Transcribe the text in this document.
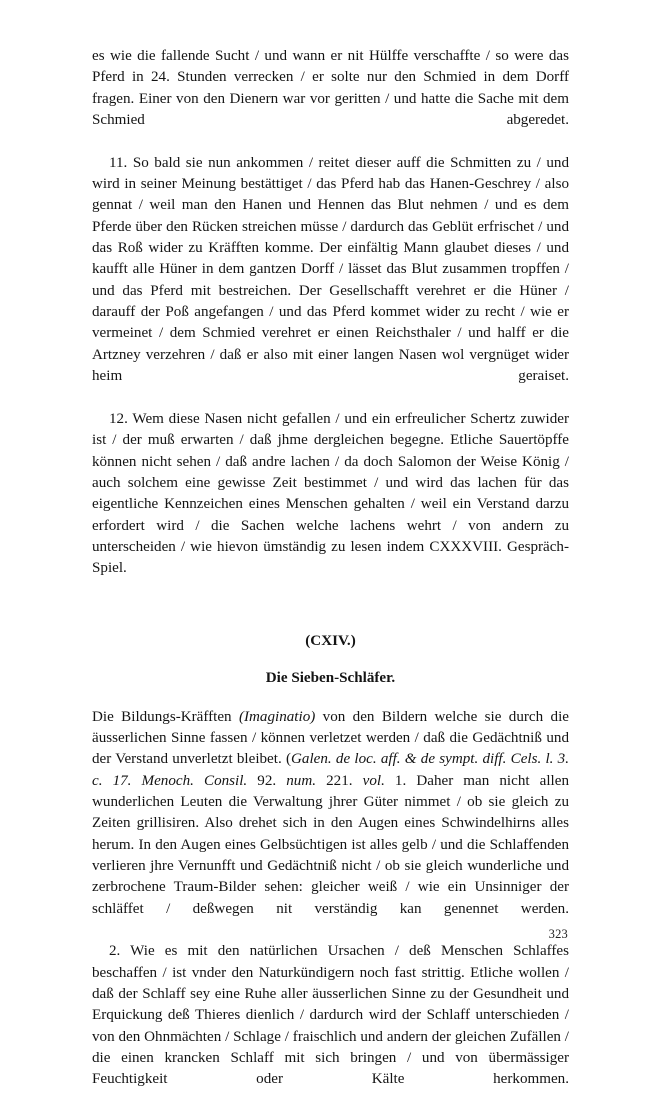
es wie die fallende Sucht / und wann er nit Hülffe verschaffte / so were das Pferd in 24. Stunden verrecken / er solte nur den Schmied in dem Dorff fragen. Einer von den Dienern war vor geritten / und hatte die Sache mit dem Schmied abgeredet.

11. So bald sie nun ankommen / reitet dieser auff die Schmitten zu / und wird in seiner Meinung bestättiget / das Pferd hab das Hanen-Geschrey / also gennat / weil man den Hanen und Hennen das Blut nehmen / und es dem Pferde über den Rücken streichen müsse / dardurch das Geblüt erfrischet / und das Roß wider zu Kräfften komme. Der einfältig Mann glaubet dieses / und kaufft alle Hüner in dem gantzen Dorff / lässet das Blut zusammen tropffen / und das Pferd mit bestreichen. Der Gesellschafft verehret er die Hüner / darauff der Poß angefangen / und das Pferd kommet wider zu recht / wie er vermeinet / dem Schmied verehret er einen Reichsthaler / und halff er die Artzney verzehren / daß er also mit einer langen Nasen wol vergnüget wider heim geraiset.

12. Wem diese Nasen nicht gefallen / und ein erfreulicher Schertz zuwider ist / der muß erwarten / daß jhme dergleichen begegne. Etliche Sauertöpffe können nicht sehen / daß andre lachen / da doch Salomon der Weise König / auch solchem eine gewisse Zeit bestimmet / und wird das lachen für das eigentliche Kennzeichen eines Menschen gehalten / weil ein Verstand darzu erfordert wird / die Sachen welche lachens wehrt / von andern zu unterscheiden / wie hievon ümständig zu lesen indem CXXXVIII. Gespräch-Spiel.

(CXIV.)

Die Sieben-Schläfer.

Die Bildungs-Kräfften (Imaginatio) von den Bildern welche sie durch die äusserlichen Sinne fassen / können verletzet werden / daß die Gedächtniß und der Verstand unverletzt bleibet. (Galen. de loc. aff. & de sympt. diff. Cels. l. 3. c. 17. Menoch. Consil. 92. num. 221. vol. 1. Daher man nicht allen wunderlichen Leuten die Verwaltung jhrer Güter nimmet / ob sie gleich zu Zeiten grillisiren. Also drehet sich in den Augen eines Schwindelhirns alles herum. In den Augen eines Gelbsüchtigen ist alles gelb / und die Schlaffenden verlieren jhre Vernunfft und Gedächtniß nicht / ob sie gleich wunderliche und zerbrochene Traum-Bilder sehen: gleicher weiß / wie ein Unsinniger der schläffet / deßwegen nit verständig kan genennet werden.

2. Wie es mit den natürlichen Ursachen / deß Menschen Schlaffes beschaffen / ist vnder den Naturkündigern noch fast strittig. Etliche wollen / daß der Schlaff sey eine Ruhe aller äusserlichen Sinne zu der Gesundheit und Erquickung deß Thieres dienlich / dardurch wird der Schlaff unterschieden / von den Ohnmächten / Schlage / fraischlich und andern der gleichen Zufällen / die einen krancken Schlaff mit sich bringen / und von übermässiger Feuchtigkeit oder Kälte herkommen.

323
